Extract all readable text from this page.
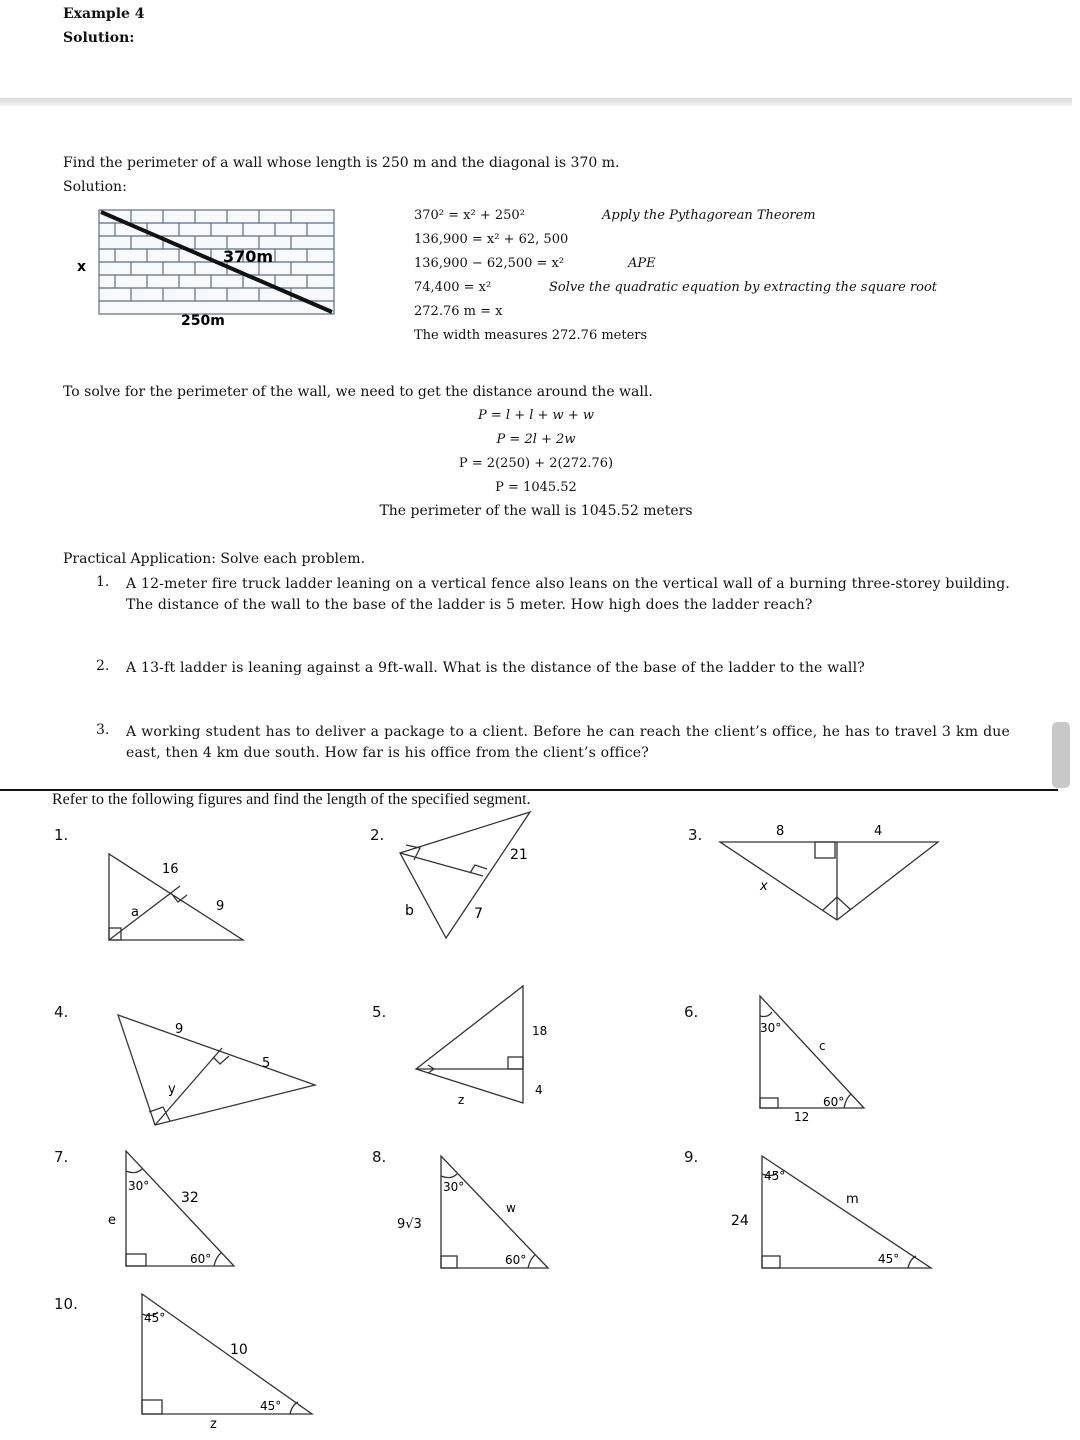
Example 4
Solution:
Find the perimeter of a wall whose length is 250 m and the diagonal is 370 m.
Solution:
x
370m
250m
370² = x² + 250²	Apply the Pythagorean Theorem
136,900 = x² + 62, 500
136,900 − 62,500 = x²	APE
74,400 = x²	Solve the quadratic equation by extracting the square root
272.76 m = x
The width measures 272.76 meters
To solve for the perimeter of the wall, we need to get the distance around the wall.
P = l + l + w + w
P = 2l + 2w
P = 2(250) + 2(272.76)
P = 1045.52
The perimeter of the wall is 1045.52 meters
Practical Application: Solve each problem.
1. A 12-meter fire truck ladder leaning on a vertical fence also leans on the vertical wall of a burning three-storey building. The distance of the wall to the base of the ladder is 5 meter. How high does the ladder reach?
2. A 13-ft ladder is leaning against a 9ft-wall. What is the distance of the base of the ladder to the wall?
3. A working student has to deliver a package to a client. Before he can reach the client’s office, he has to travel 3 km due east, then 4 km due south. How far is his office from the client’s office?
Refer to the following figures and find the length of the specified segment.
1.	2.	3.
4.	5.	6.
7.	8.	9.
10.
16
9
a
21
b	7
8	4
x
9
5
y
18
4
z
30°
c
60°
12
30°
32
e
60°
30°
w
9√3
60°
45°
m
24
45°
45°
10
45°
z
